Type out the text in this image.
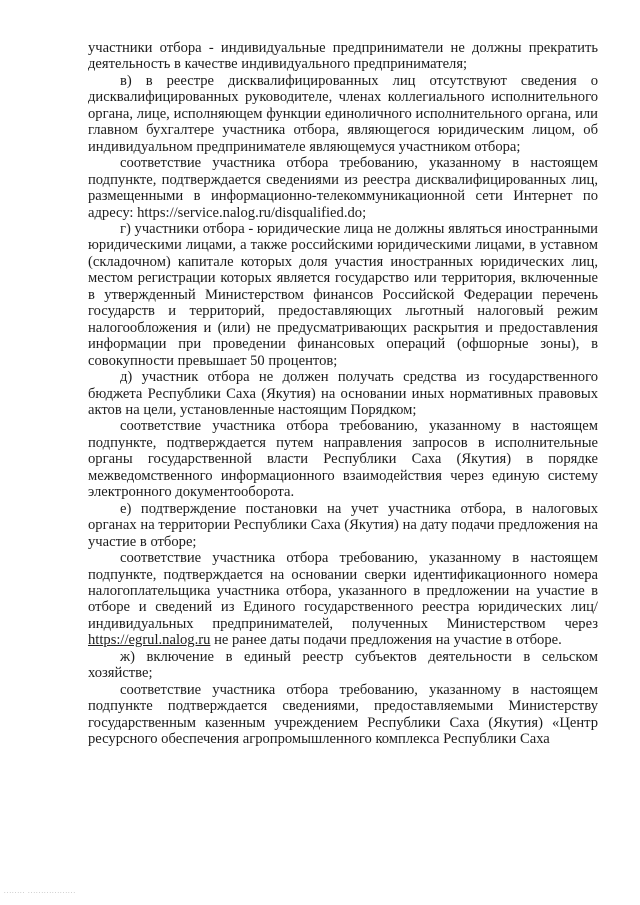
участники отбора - индивидуальные предприниматели не должны прекратить деятельность в качестве индивидуального предпринимателя;

в) в реестре дисквалифицированных лиц отсутствуют сведения о дисквалифицированных руководителе, членах коллегиального исполнительного органа, лице, исполняющем функции единоличного исполнительного органа, или главном бухгалтере участника отбора, являющегося юридическим лицом, об индивидуальном предпринимателе являющемуся участником отбора;

соответствие участника отбора требованию, указанному в настоящем подпункте, подтверждается сведениями из реестра дисквалифицированных лиц, размещенными в информационно-телекоммуникационной сети Интернет по адресу: https://service.nalog.ru/disqualified.do;

г) участники отбора - юридические лица не должны являться иностранными юридическими лицами, а также российскими юридическими лицами, в уставном (складочном) капитале которых доля участия иностранных юридических лиц, местом регистрации которых является государство или территория, включенные в утвержденный Министерством финансов Российской Федерации перечень государств и территорий, предоставляющих льготный налоговый режим налогообложения и (или) не предусматривающих раскрытия и предоставления информации при проведении финансовых операций (офшорные зоны), в совокупности превышает 50 процентов;

д) участник отбора не должен получать средства из государственного бюджета Республики Саха (Якутия) на основании иных нормативных правовых актов на цели, установленные настоящим Порядком;

соответствие участника отбора требованию, указанному в настоящем подпункте, подтверждается путем направления запросов в исполнительные органы государственной власти Республики Саха (Якутия) в порядке межведомственного информационного взаимодействия через единую систему электронного документооборота.

е) подтверждение постановки на учет участника отбора, в налоговых органах на территории Республики Саха (Якутия) на дату подачи предложения на участие в отборе;

соответствие участника отбора требованию, указанному в настоящем подпункте, подтверждается на основании сверки идентификационного номера налогоплательщика участника отбора, указанного в предложении на участие в отборе и сведений из Единого государственного реестра юридических лиц/индивидуальных предпринимателей, полученных Министерством через https://egrul.nalog.ru не ранее даты подачи предложения на участие в отборе.

ж) включение в единый реестр субъектов деятельности в сельском хозяйстве;

соответствие участника отбора требованию, указанному в настоящем подпункте подтверждается сведениями, предоставляемыми Министерству государственным казенным учреждением Республики Саха (Якутия) «Центр ресурсного обеспечения агропромышленного комплекса Республики Саха

........ ..................
